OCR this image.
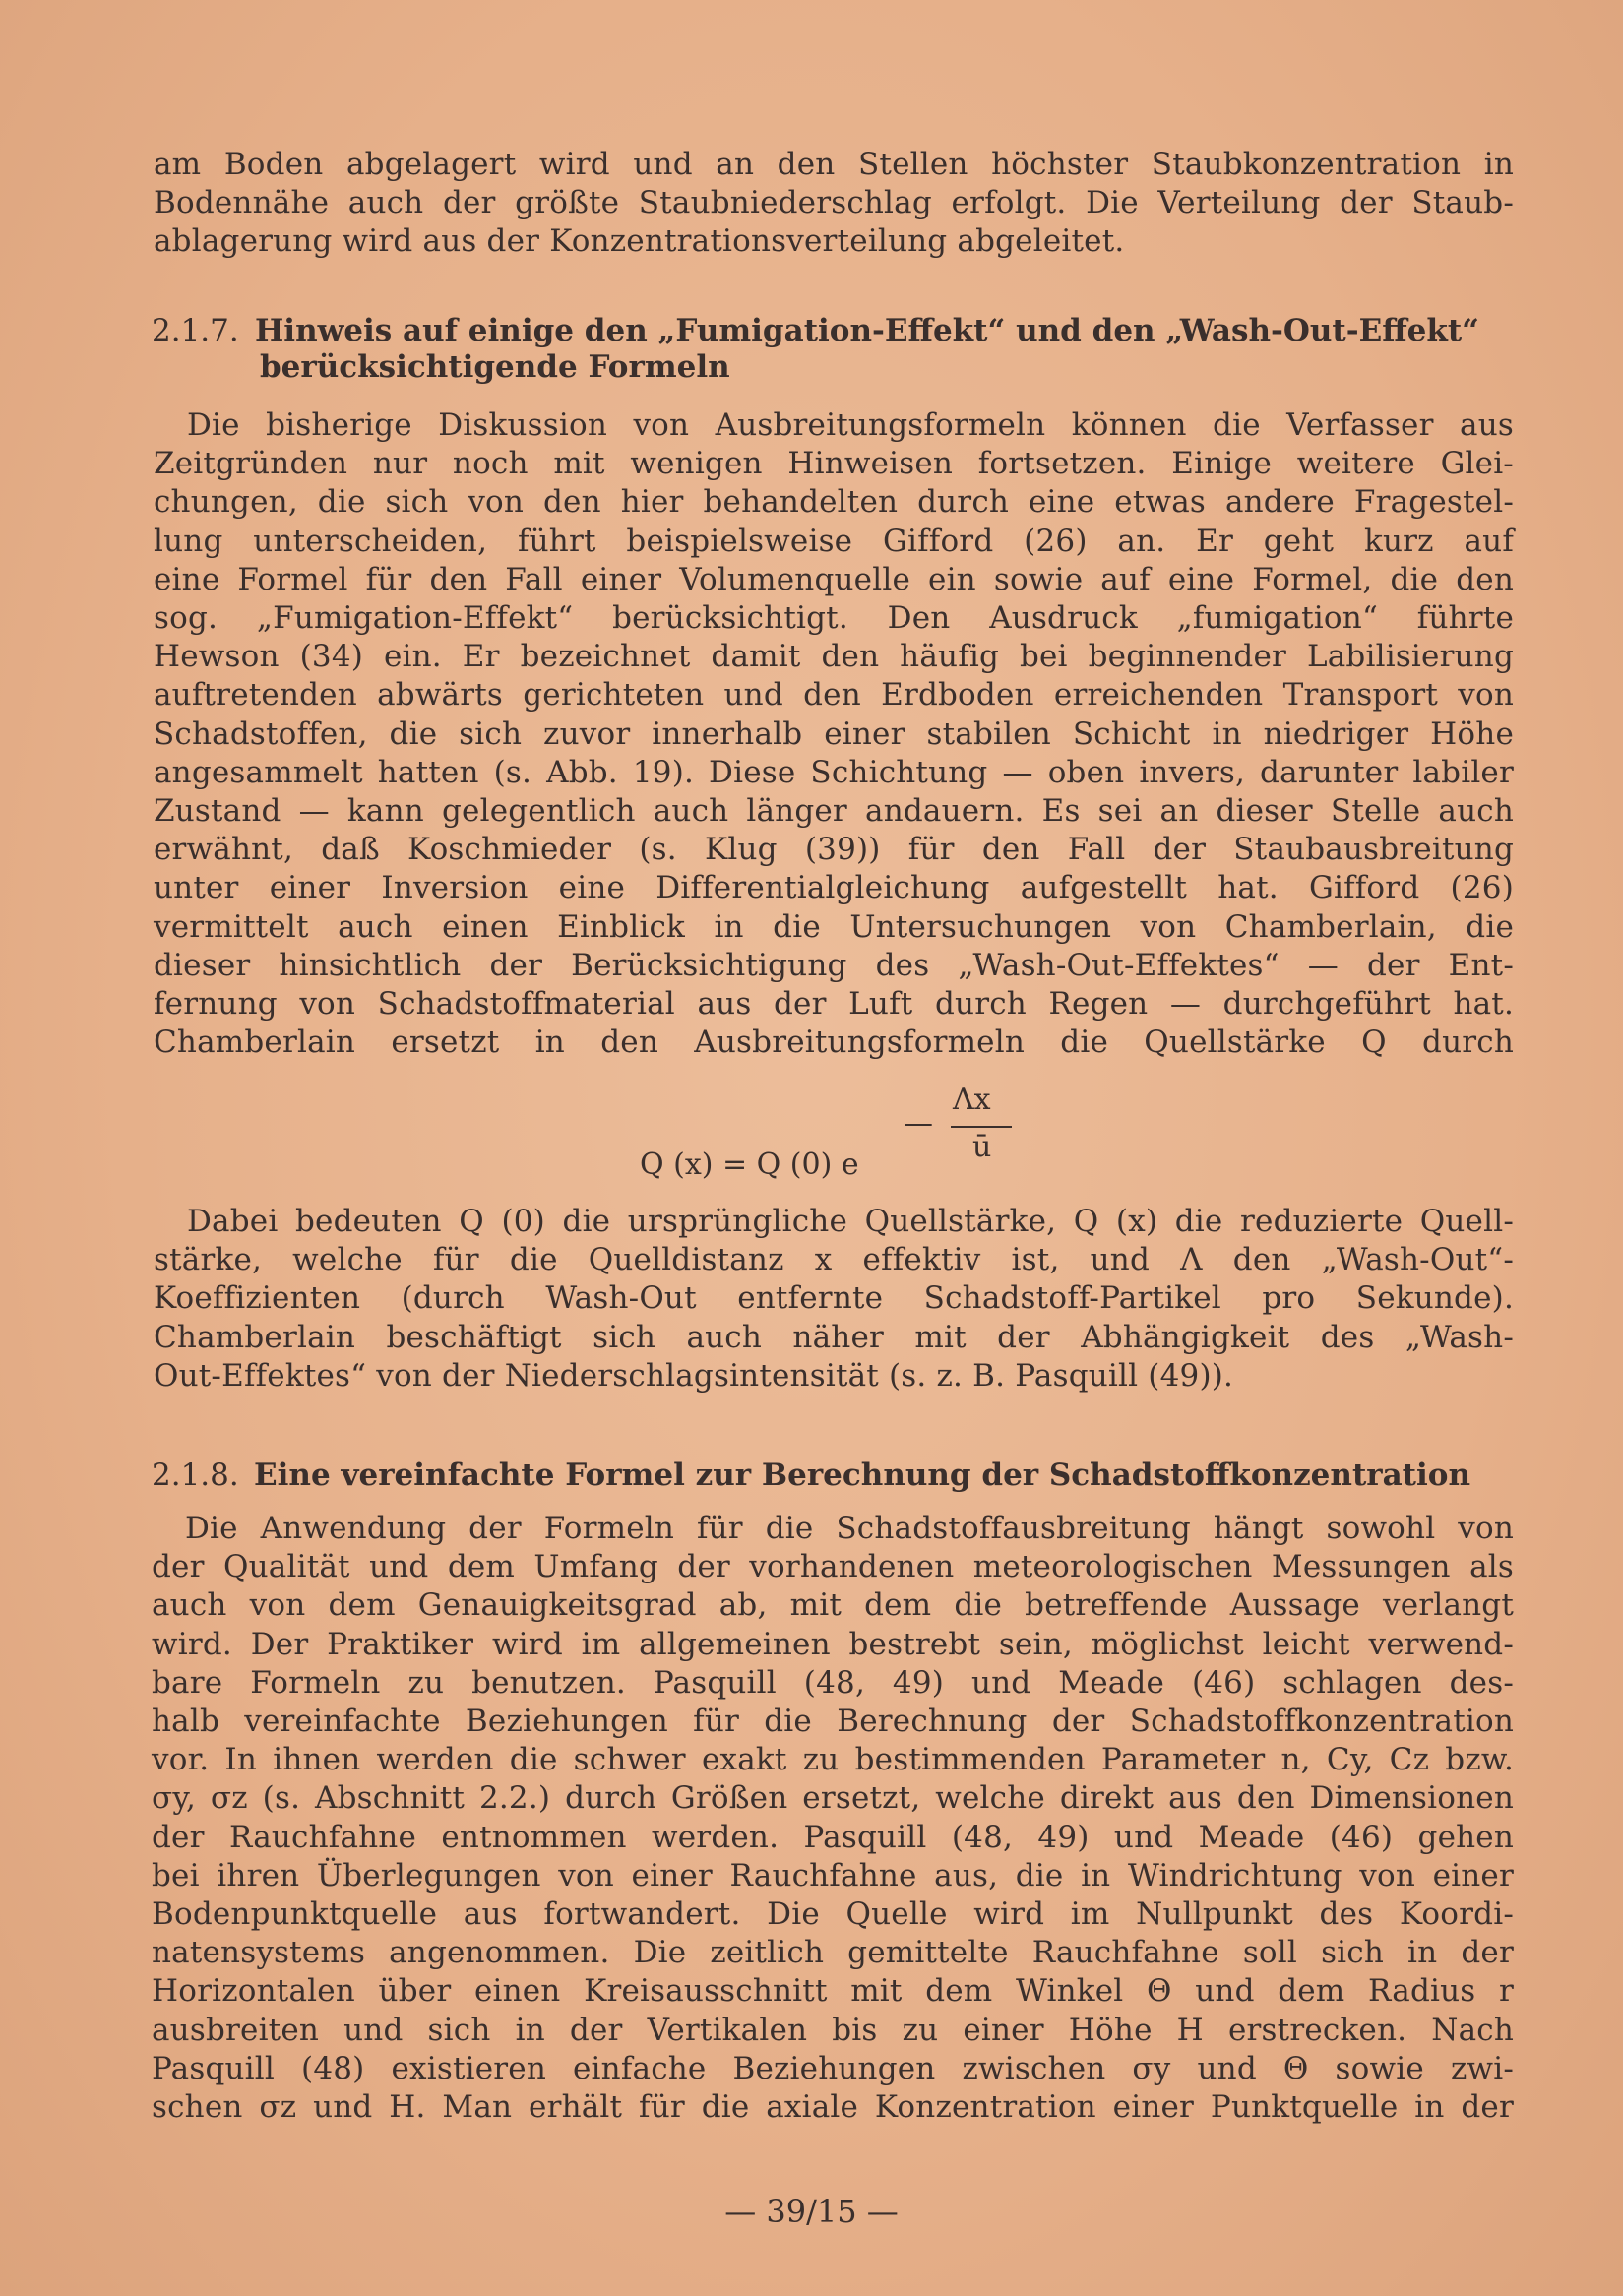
am Boden abgelagert wird und an den Stellen höchster Staubkonzentration in
Bodennähe auch der größte Staubniederschlag erfolgt. Die Verteilung der Staub-
ablagerung wird aus der Konzentrationsverteilung abgeleitet.
2.1.7. Hinweis auf einige den „Fumigation-Effekt“ und den „Wash-Out-Effekt“
berücksichtigende Formeln
Die bisherige Diskussion von Ausbreitungsformeln können die Verfasser aus
Zeitgründen nur noch mit wenigen Hinweisen fortsetzen. Einige weitere Glei-
chungen, die sich von den hier behandelten durch eine etwas andere Fragestel-
lung unterscheiden, führt beispielsweise Gifford (26) an. Er geht kurz auf
eine Formel für den Fall einer Volumenquelle ein sowie auf eine Formel, die den
sog. „Fumigation-Effekt“ berücksichtigt. Den Ausdruck „fumigation“ führte
Hewson (34) ein. Er bezeichnet damit den häufig bei beginnender Labilisierung
auftretenden abwärts gerichteten und den Erdboden erreichenden Transport von
Schadstoffen, die sich zuvor innerhalb einer stabilen Schicht in niedriger Höhe
angesammelt hatten (s. Abb. 19). Diese Schichtung — oben invers, darunter labiler
Zustand — kann gelegentlich auch länger andauern. Es sei an dieser Stelle auch
erwähnt, daß Koschmieder (s. Klug (39)) für den Fall der Staubausbreitung
unter einer Inversion eine Differentialgleichung aufgestellt hat. Gifford (26)
vermittelt auch einen Einblick in die Untersuchungen von Chamberlain, die
dieser hinsichtlich der Berücksichtigung des „Wash-Out-Effektes“ — der Ent-
fernung von Schadstoffmaterial aus der Luft durch Regen — durchgeführt hat.
Chamberlain ersetzt in den Ausbreitungsformeln die Quellstärke Q durch
Q (x) = Q (0) e
—
Λx
ū
Dabei bedeuten Q (0) die ursprüngliche Quellstärke, Q (x) die reduzierte Quell-
stärke, welche für die Quelldistanz x effektiv ist, und Λ den „Wash-Out“-
Koeffizienten (durch Wash-Out entfernte Schadstoff-Partikel pro Sekunde).
Chamberlain beschäftigt sich auch näher mit der Abhängigkeit des „Wash-
Out-Effektes“ von der Niederschlagsintensität (s. z. B. Pasquill (49)).
2.1.8. Eine vereinfachte Formel zur Berechnung der Schadstoffkonzentration
Die Anwendung der Formeln für die Schadstoffausbreitung hängt sowohl von
der Qualität und dem Umfang der vorhandenen meteorologischen Messungen als
auch von dem Genauigkeitsgrad ab, mit dem die betreffende Aussage verlangt
wird. Der Praktiker wird im allgemeinen bestrebt sein, möglichst leicht verwend-
bare Formeln zu benutzen. Pasquill (48, 49) und Meade (46) schlagen des-
halb vereinfachte Beziehungen für die Berechnung der Schadstoffkonzentration
vor. In ihnen werden die schwer exakt zu bestimmenden Parameter n, Cy, Cz bzw.
σy, σz (s. Abschnitt 2.2.) durch Größen ersetzt, welche direkt aus den Dimensionen
der Rauchfahne entnommen werden. Pasquill (48, 49) und Meade (46) gehen
bei ihren Überlegungen von einer Rauchfahne aus, die in Windrichtung von einer
Bodenpunktquelle aus fortwandert. Die Quelle wird im Nullpunkt des Koordi-
natensystems angenommen. Die zeitlich gemittelte Rauchfahne soll sich in der
Horizontalen über einen Kreisausschnitt mit dem Winkel Θ und dem Radius r
ausbreiten und sich in der Vertikalen bis zu einer Höhe H erstrecken. Nach
Pasquill (48) existieren einfache Beziehungen zwischen σy und Θ sowie zwi-
schen σz und H. Man erhält für die axiale Konzentration einer Punktquelle in der
— 39/15 —
